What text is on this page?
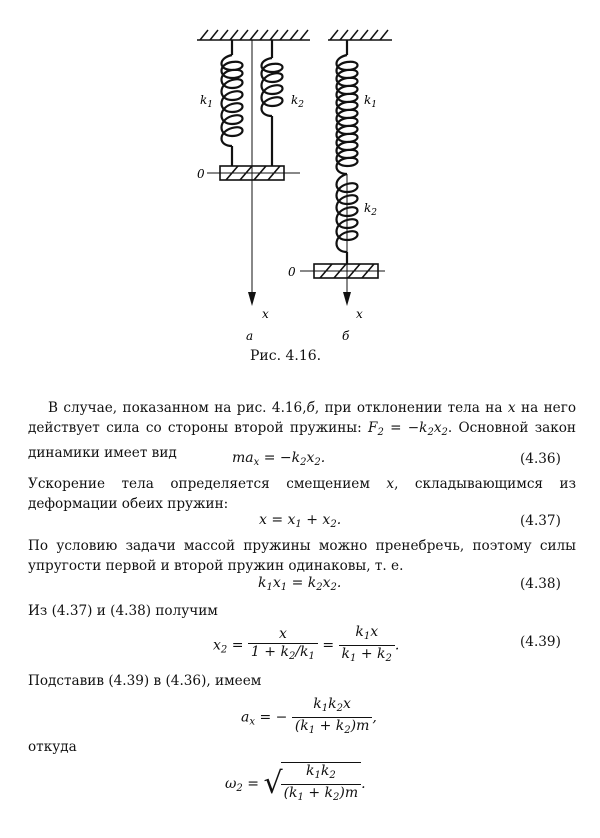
$k_1$	$k_2$	$k_1$
$k_2$
0
0
x	x
а	б
Рис. 4.16.
В случае, показанном на рис. 4.16,б, при отклонении тела на x на него действует сила со стороны второй пружины: $F_2 = -k_2x_2$. Основной закон динамики имеет вид	$ma_x = -k_2x_2$.	(4.36)
Ускорение тела определяется смещением x, складывающимся из деформации обеих пружин:
$x = x_1 + x_2$.	(4.37)
По условию задачи массой пружины можно пренебречь, поэтому силы упругости первой и второй пружин одинаковы, т. е.
$k_1x_1 = k_2x_2$.	(4.38)
Из (4.37) и (4.38) получим
$x_2 = \frac{x}{1 + k_2/k_1} = \frac{k_1x}{k_1 + k_2}$ .	(4.39)
Подставив (4.39) в (4.36), имеем
$a_x$ = − $\frac{k_1k_2x}{(k_1 + k_2)m}$ ,
откуда
$\omega_2$ = √
$\frac{k_1k_2}{(k_1 + k_2)m}$ .
